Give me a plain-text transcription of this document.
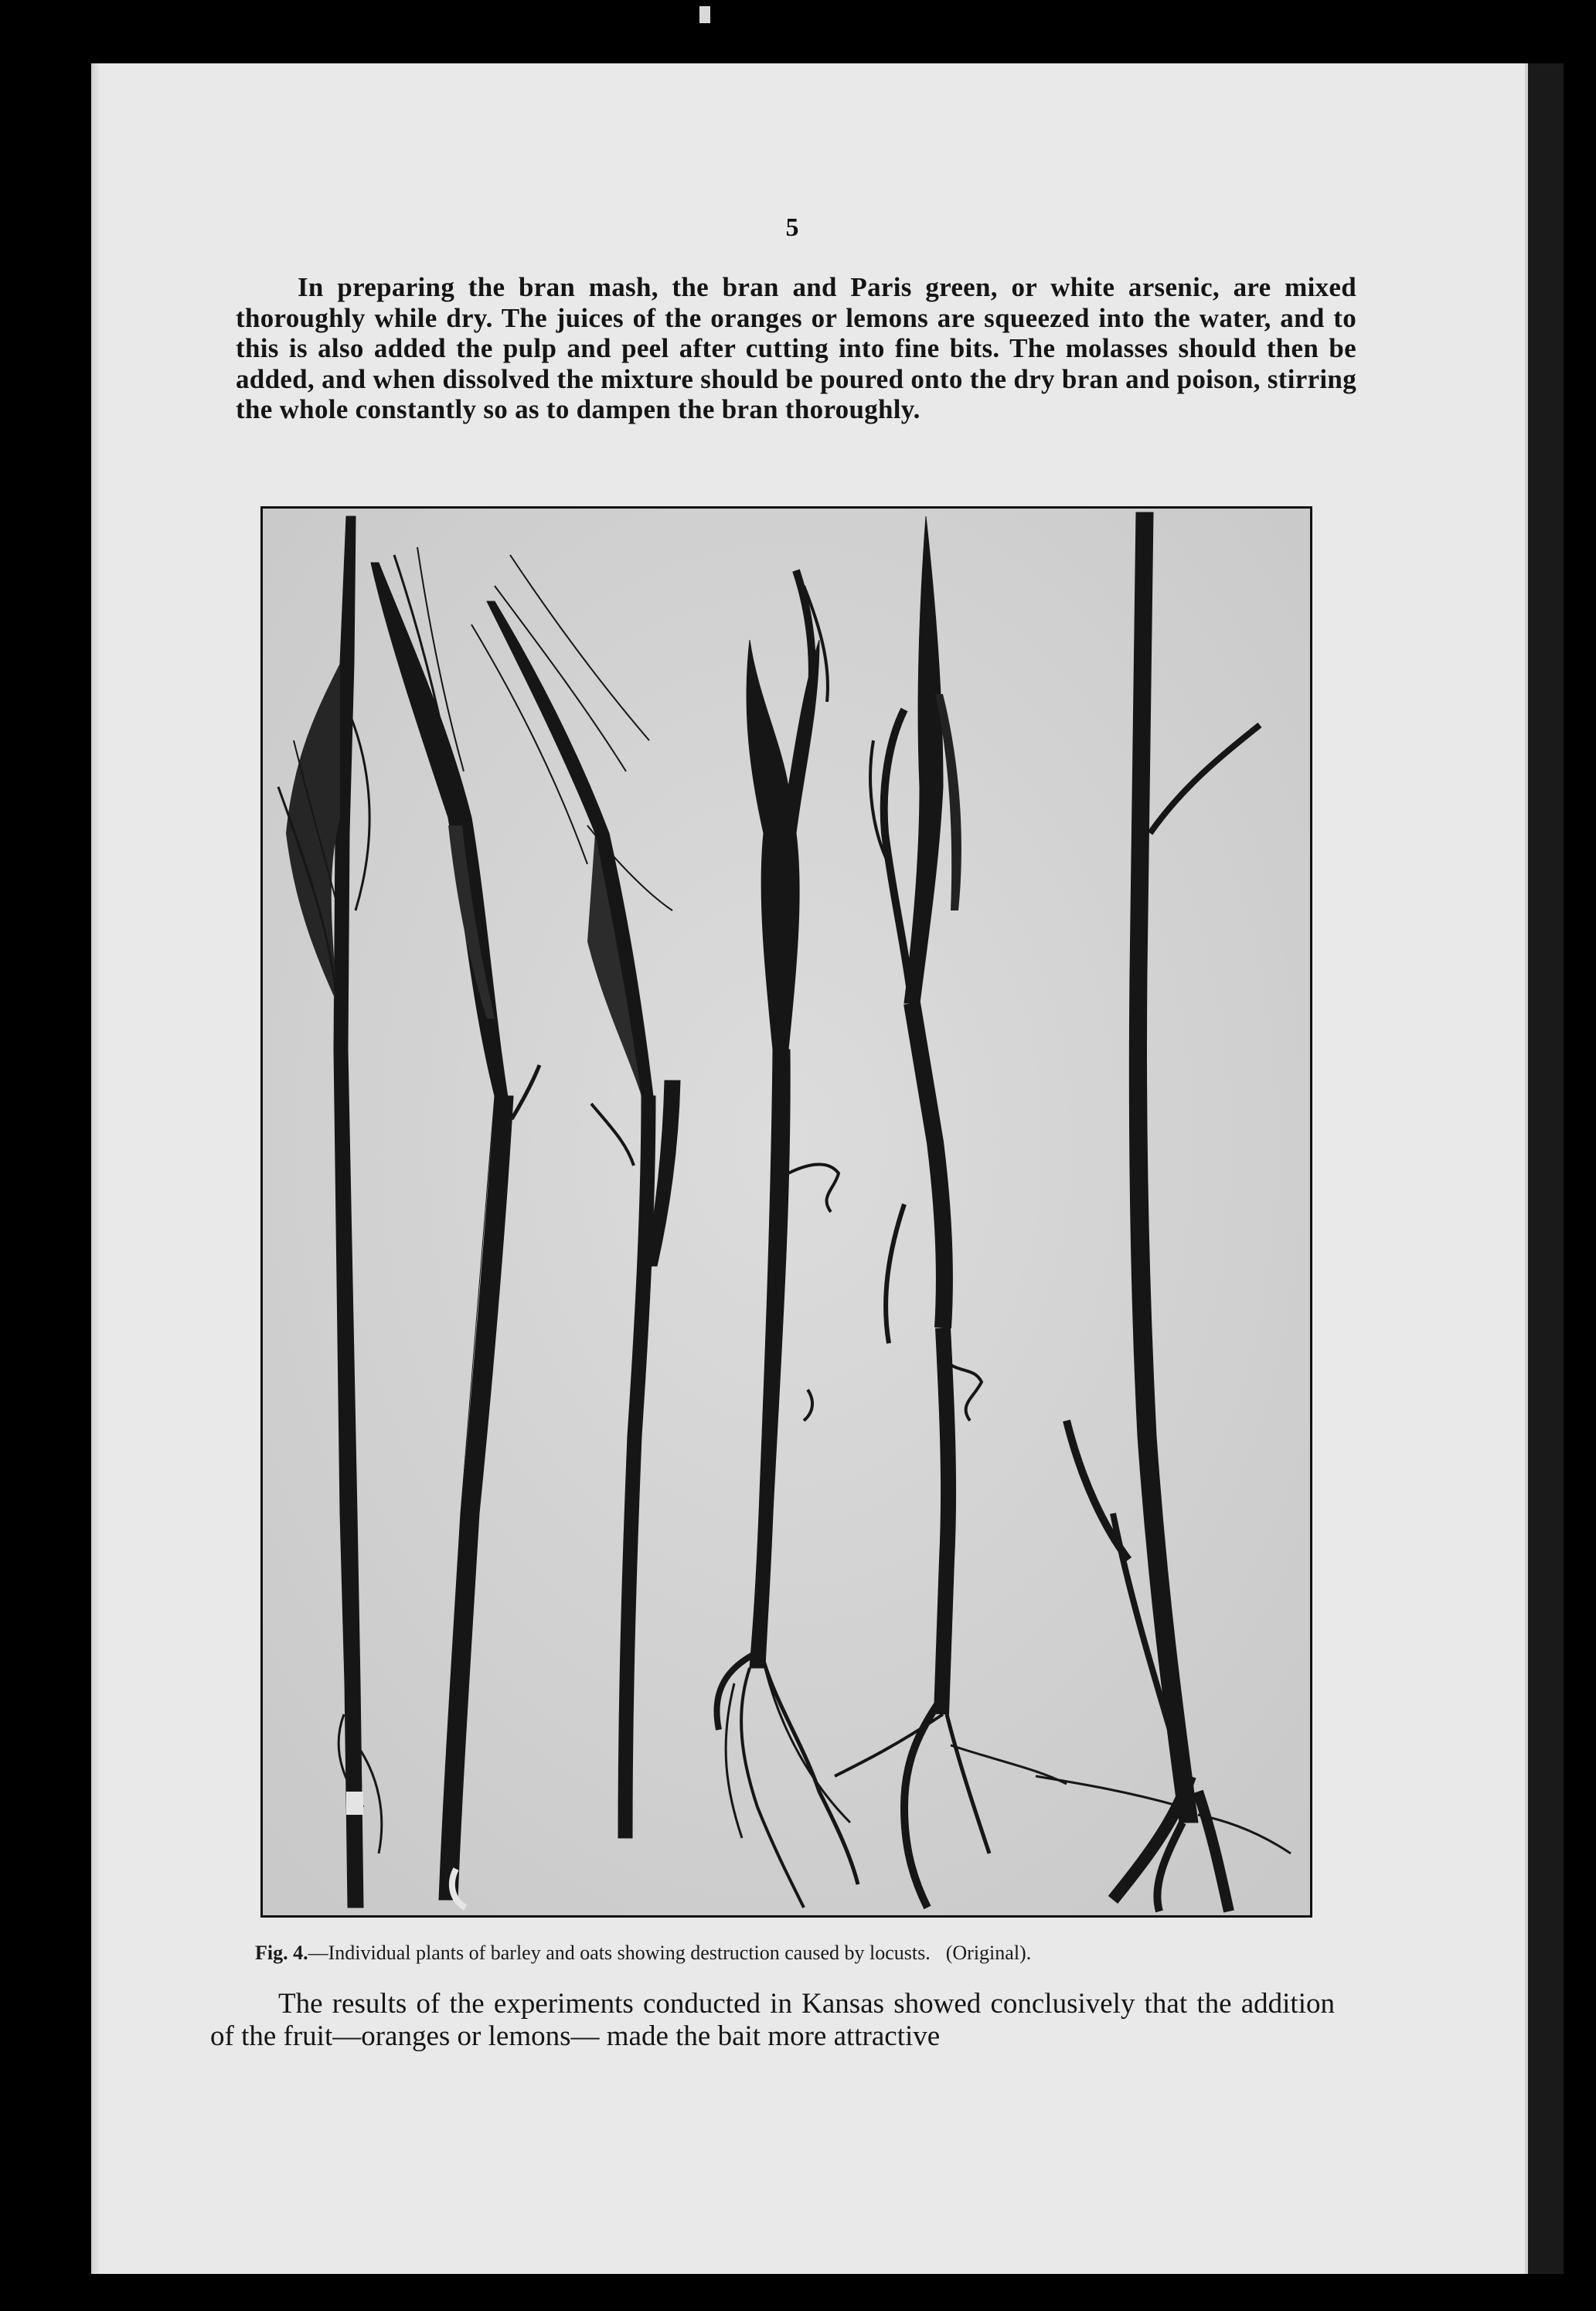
5

In preparing the bran mash, the bran and Paris green, or white arsenic, are mixed thoroughly while dry. The juices of the oranges or lemons are squeezed into the water, and to this is also added the pulp and peel after cutting into fine bits. The molasses should then be added, and when dissolved the mixture should be poured onto the dry bran and poison, stirring the whole constantly so as to dampen the bran thoroughly.

Fig. 4.—Individual plants of barley and oats showing destruction caused by locusts. (Original).

The results of the experiments conducted in Kansas showed conclusively that the addition of the fruit—oranges or lemons— made the bait more attractive
